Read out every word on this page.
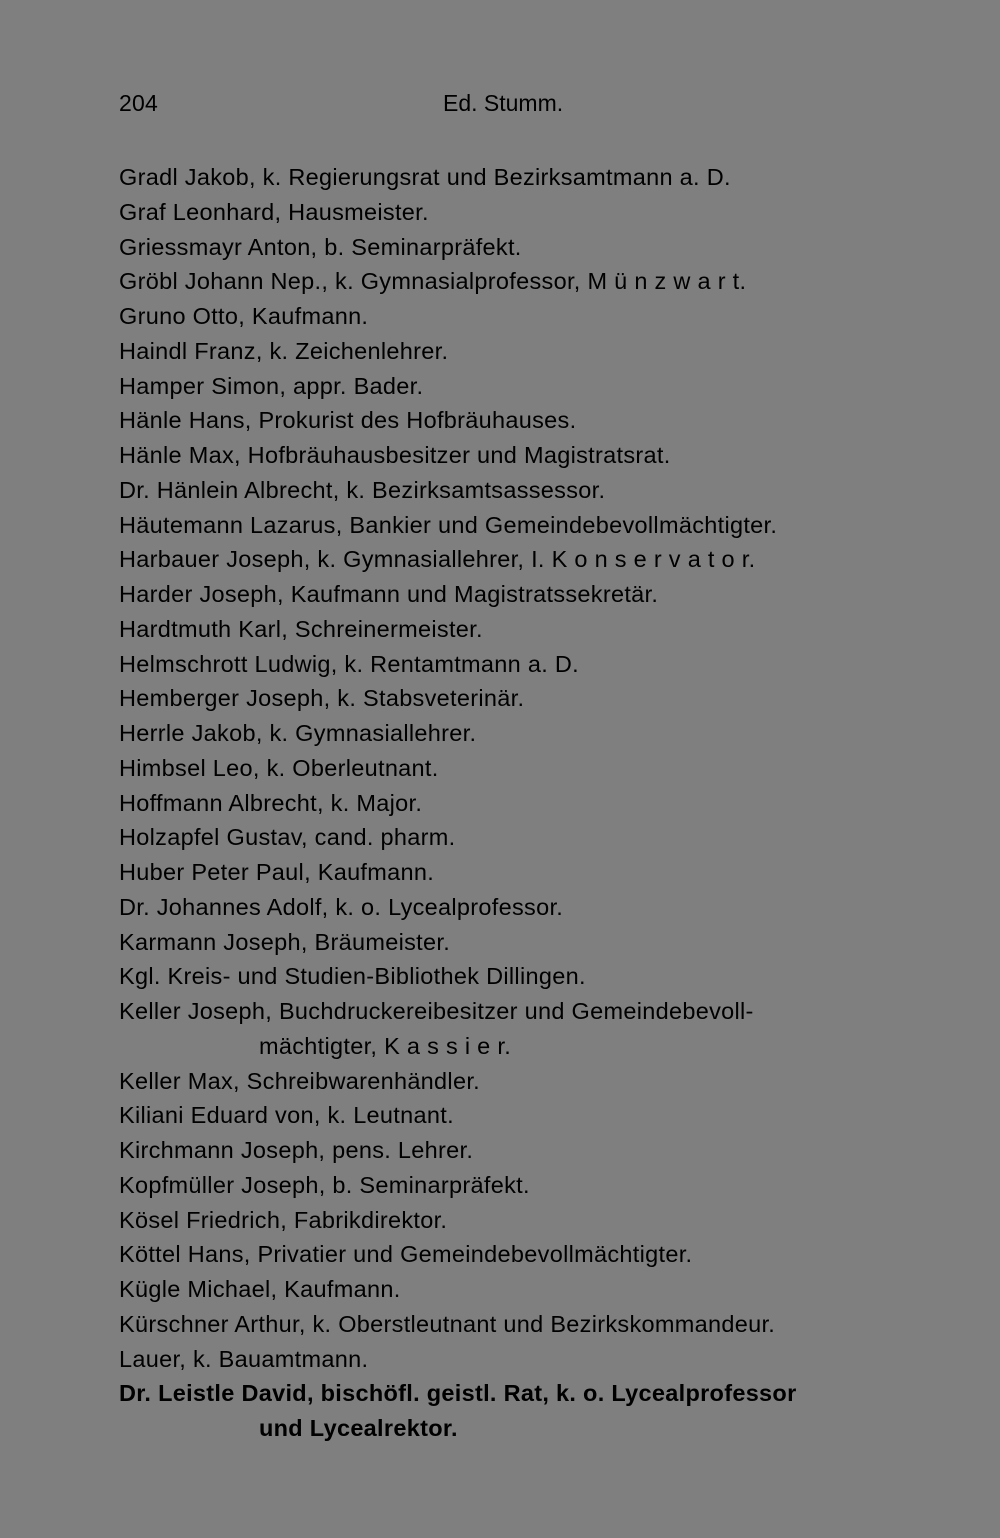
204	Ed. Stumm.
Gradl Jakob, k. Regierungsrat und Bezirksamtmann a. D.
Graf Leonhard, Hausmeister.
Griessmayr Anton, b. Seminarpräfekt.
Gröbl Johann Nep., k. Gymnasialprofessor, M ü n z w a r t.
Gruno Otto, Kaufmann.
Haindl Franz, k. Zeichenlehrer.
Hamper Simon, appr. Bader.
Hänle Hans, Prokurist des Hofbräuhauses.
Hänle Max, Hofbräuhausbesitzer und Magistratsrat.
Dr. Hänlein Albrecht, k. Bezirksamtsassessor.
Häutemann Lazarus, Bankier und Gemeindebevollmächtigter.
Harbauer Joseph, k. Gymnasiallehrer, I. K o n s e r v a t o r.
Harder Joseph, Kaufmann und Magistratssekretär.
Hardtmuth Karl, Schreinermeister.
Helmschrott Ludwig, k. Rentamtmann a. D.
Hemberger Joseph, k. Stabsveterinär.
Herrle Jakob, k. Gymnasiallehrer.
Himbsel Leo, k. Oberleutnant.
Hoffmann Albrecht, k. Major.
Holzapfel Gustav, cand. pharm.
Huber Peter Paul, Kaufmann.
Dr. Johannes Adolf, k. o. Lycealprofessor.
Karmann Joseph, Bräumeister.
Kgl. Kreis- und Studien-Bibliothek Dillingen.
Keller Joseph, Buchdruckereibesitzer und Gemeindebevoll-
mächtigter, K a s s i e r.
Keller Max, Schreibwarenhändler.
Kiliani Eduard von, k. Leutnant.
Kirchmann Joseph, pens. Lehrer.
Kopfmüller Joseph, b. Seminarpräfekt.
Kösel Friedrich, Fabrikdirektor.
Köttel Hans, Privatier und Gemeindebevollmächtigter.
Kügle Michael, Kaufmann.
Kürschner Arthur, k. Oberstleutnant und Bezirkskommandeur.
Lauer, k. Bauamtmann.
Dr. Leistle David, bischöfl. geistl. Rat, k. o. Lycealprofessor
und Lycealrektor.
